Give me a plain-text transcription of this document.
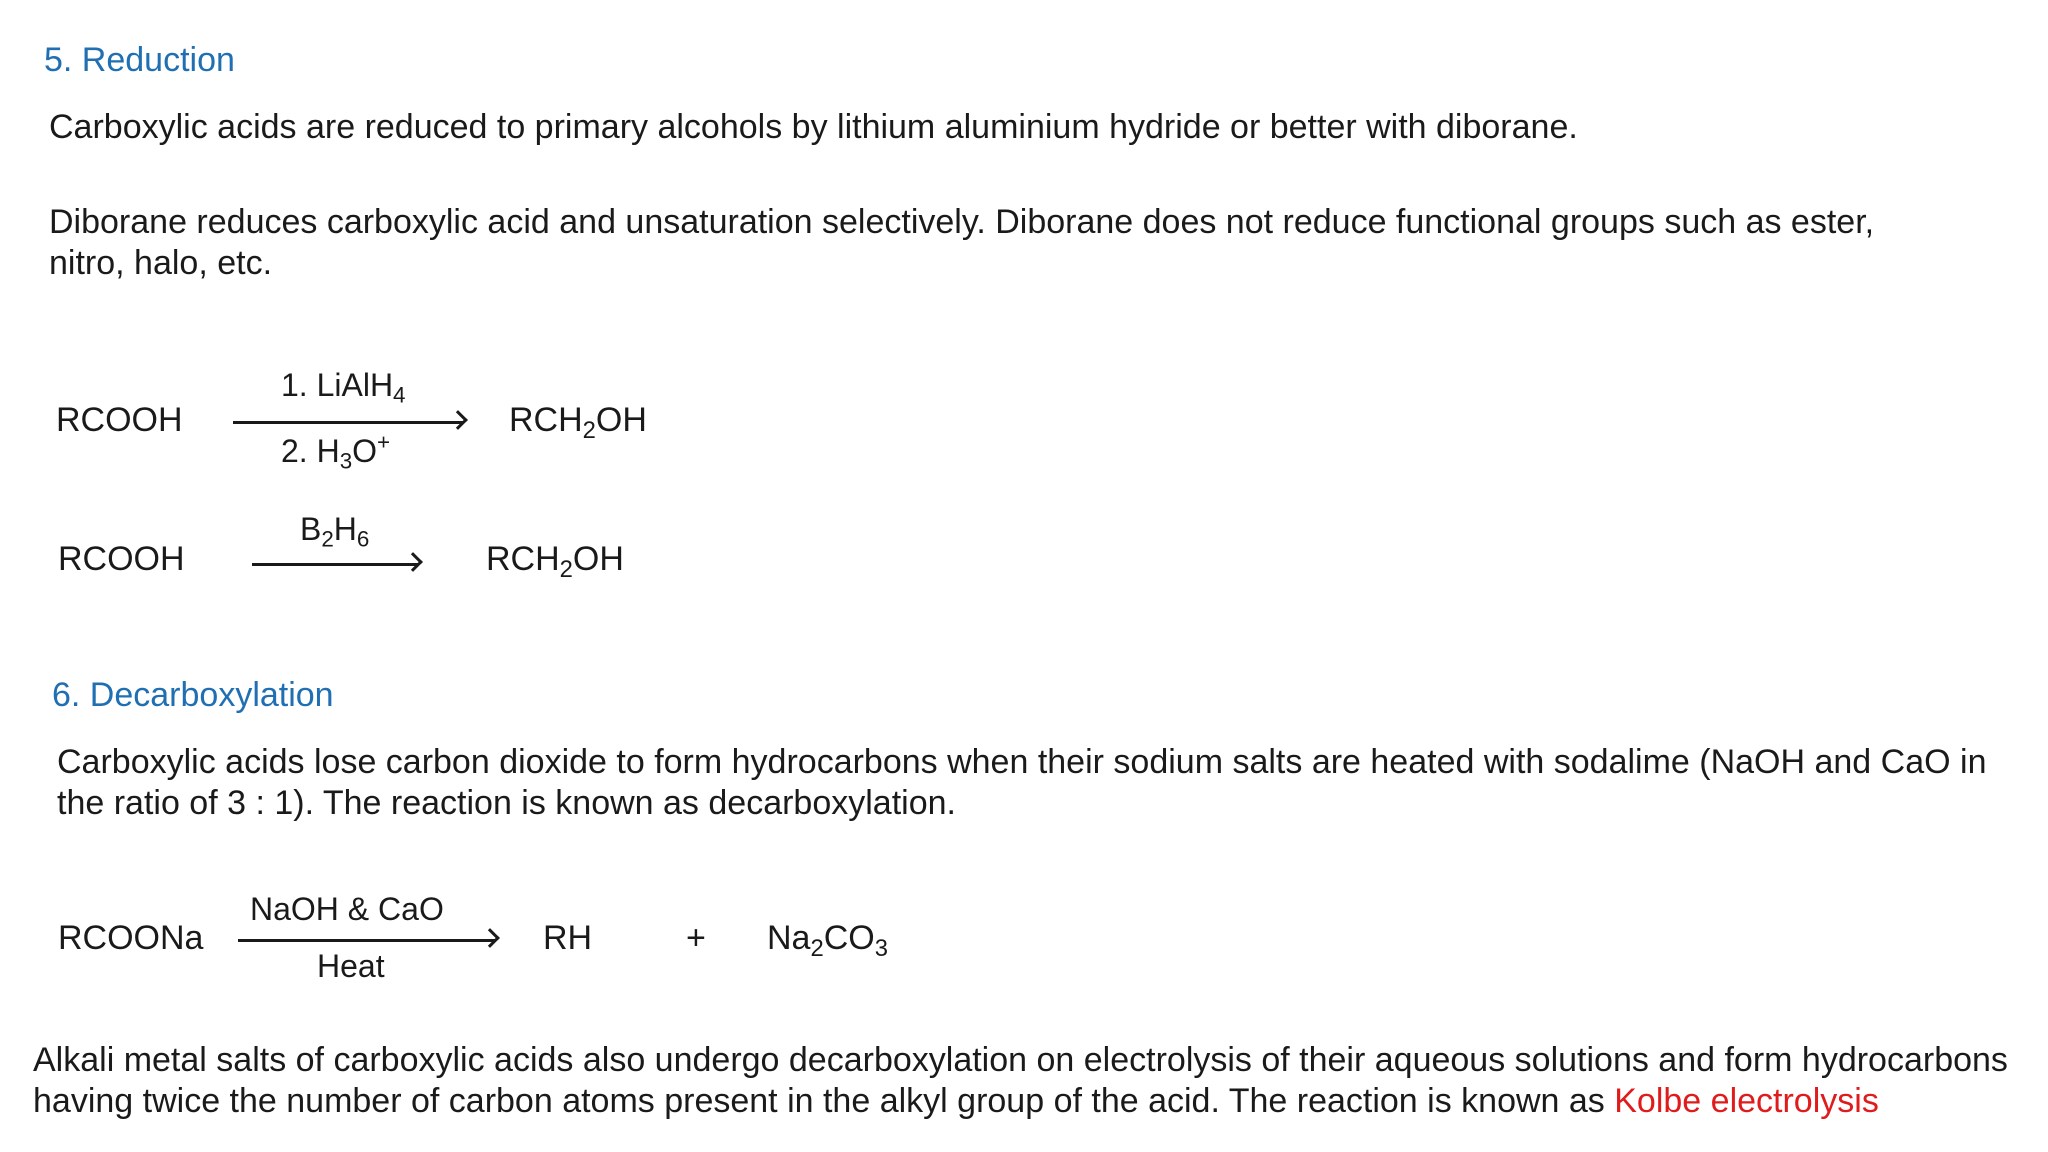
5. Reduction
Carboxylic acids are reduced to primary alcohols by lithium aluminium hydride or better with diborane.
Diborane reduces carboxylic acid and unsaturation selectively. Diborane does not reduce functional groups such as ester,
nitro, halo, etc.
RCOOH
1. LiAlH$_4$
2. $H_3O^+$
$RCH_2OH$
RCOOH
$B_2H_6$
$RCH_2OH$
6. Decarboxylation
Carboxylic acids lose carbon dioxide to form hydrocarbons when their sodium salts are heated with sodalime (NaOH and CaO in
the ratio of 3 : 1). The reaction is known as decarboxylation.
RCOONa
NaOH & CaO
Heat
RH	+ $Na_2CO_3$
Alkali metal salts of carboxylic acids also undergo decarboxylation on electrolysis of their aqueous solutions and form hydrocarbons
having twice the number of carbon atoms present in the alkyl group of the acid. The reaction is known as Kolbe electrolysis
